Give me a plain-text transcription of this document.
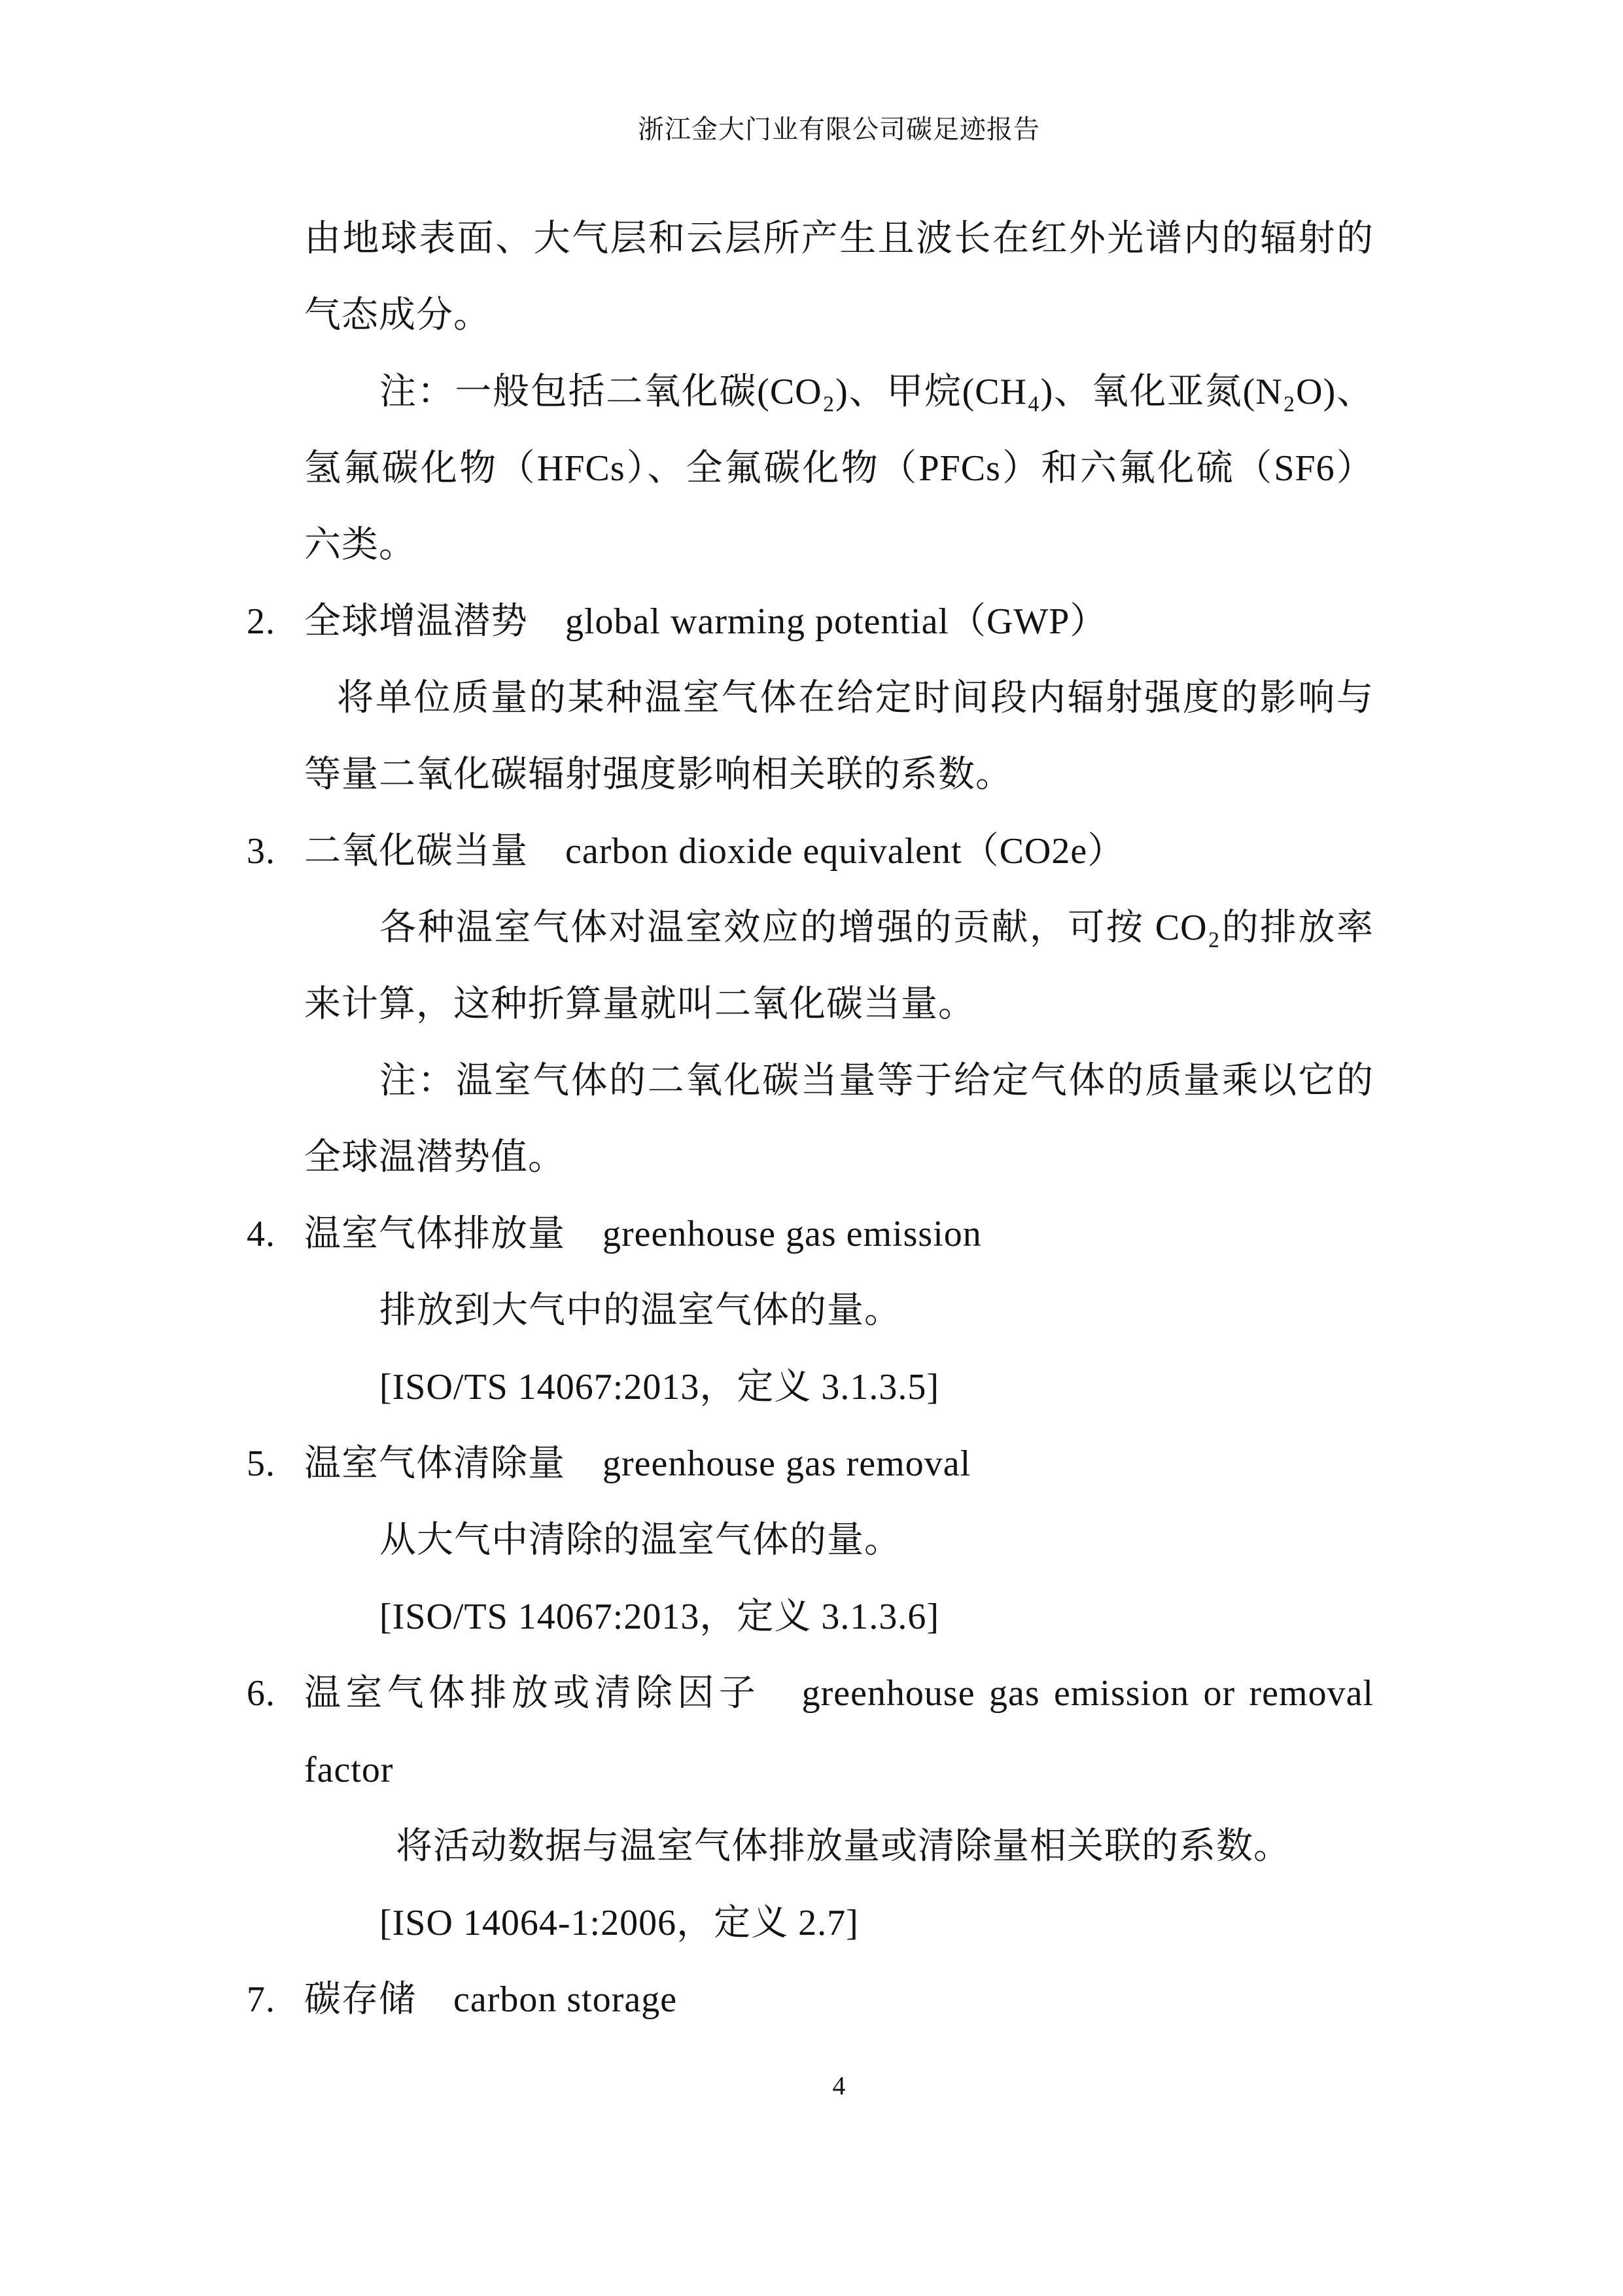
浙江金大门业有限公司碳足迹报告
由地球表面、大气层和云层所产生且波长在红外光谱内的辐射的
气态成分。
注：一般包括二氧化碳(CO₂)、甲烷(CH₄)、氧化亚氮(N₂O)、
氢氟碳化物（HFCs）、全氟碳化物（PFCs）和六氟化硫（SF6）
六类。
2. 全球增温潜势　global warming potential（GWP）
将单位质量的某种温室气体在给定时间段内辐射强度的影响与
等量二氧化碳辐射强度影响相关联的系数。
3. 二氧化碳当量　carbon dioxide equivalent（CO2e）
各种温室气体对温室效应的增强的贡献，可按 CO₂的排放率
来计算，这种折算量就叫二氧化碳当量。
注：温室气体的二氧化碳当量等于给定气体的质量乘以它的
全球温潜势值。
4. 温室气体排放量　greenhouse gas emission
排放到大气中的温室气体的量。
[ISO/TS 14067:2013，定义 3.1.3.5]
5. 温室气体清除量　greenhouse gas removal
从大气中清除的温室气体的量。
[ISO/TS 14067:2013，定义 3.1.3.6]
6. 温室气体排放或清除因子　greenhouse gas emission or removal
factor
将活动数据与温室气体排放量或清除量相关联的系数。
[ISO 14064-1:2006，定义 2.7]
7. 碳存储　carbon storage
4
